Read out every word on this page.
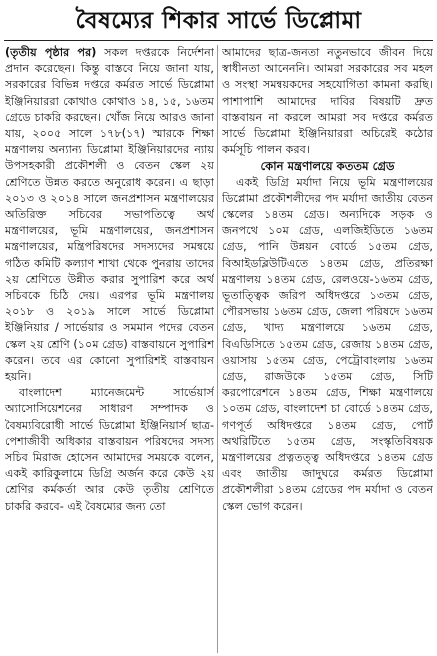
বৈষম্যের শিকার সার্ভে ডিপ্লোমা

(তৃতীয় পৃষ্ঠার পর) সকল দপ্তরকে নির্দেশনা প্রদান করেছেন। কিন্তু বাস্তবে নিয়ে জানা যায়, সরকারের বিভিন্ন দপ্তরে কর্মরত সার্ভে ডিপ্লোমা ইঞ্জিনিয়াররা কোথাও কোথাও ১৪, ১৫, ১৬তম গ্রেডে চাকরি করছেন। খোঁজ নিয়ে আরও জানা যায়, ২০০৫ সালে ১৭৮(১৭) স্মারকে শিক্ষা মন্ত্রণালয় অন্যান্য ডিপ্লোমা ইঞ্জিনিয়ারদের ন্যায় উপসহকারী প্রকৌশলী ও বেতন স্কেল ২য় শ্রেণিতে উন্নত করতে অনুরোধ করেন। এ ছাড়া ২০১৩ ও ২০১৪ সালে জনপ্রশাসন মন্ত্রণালয়ের অতিরিক্ত সচিবের সভাপতিত্বে অর্থ মন্ত্রণালয়ের, ভূমি মন্ত্রণালয়ের, জনপ্রশাসন মন্ত্রণালয়ের, মন্ত্রিপরিষদের সদস্যদের সমন্বয়ে গঠিত কমিটি কল্যাণ শাখা থেকে পুনরায় তাদের ২য় শ্রেণিতে উন্নীত করার সুপারিশ করে অর্থ সচিবকে চিঠি দেয়। এরপর ভূমি মন্ত্রণালয় ২০১৮ ও ২০১৯ সালে সার্ভে ডিপ্লোমা ইঞ্জিনিয়ার / সার্ভেয়ার ও সমমান পদের বেতন স্কেল ২য় শ্রেণি (১০ম গ্রেড) বাস্তবায়নে সুপারিশ করেন। তবে এর কোনো সুপারিশই বাস্তবায়ন হয়নি।

বাংলাদেশ ম্যানেজমেন্ট সার্ভেয়ার্স অ্যাসোসিয়েশনের সাধারণ সম্পাদক ও বৈষম্যবিরোধী সার্ভে ডিপ্লোমা ইঞ্জিনিয়ার্স ছাত্র-পেশাজীবী অধিকার বাস্তবায়ন পরিষদের সদস্য সচিব মিরাজ হোসেন আমাদের সময়কে বলেন, একই কারিকুলামে ডিগ্রি অর্জন করে কেউ ২য় শ্রেণির কর্মকর্তা আর কেউ তৃতীয় শ্রেণিতে চাকরি করবে- এই বৈষম্যের জন্য তো

আমাদের ছাত্র-জনতা নতুনভাবে জীবন দিয়ে স্বাধীনতা আনেননি। আমরা সরকারের সব মহল ও সংস্থা সমন্বয়কদের সহযোগিতা কামনা করছি। পাশাপাশি আমাদের দাবির বিষয়টি দ্রুত বাস্তবায়ন না করলে আমরা সব দপ্তরে কর্মরত সার্ভে ডিপ্লোমা ইঞ্জিনিয়াররা অচিরেই কঠোর কর্মসূচি পালন করব।

কোন মন্ত্রণালয়ে কততম গ্রেড

একই ডিগ্রি মর্যাদা নিয়ে ভূমি মন্ত্রণালয়ের ডিপ্লোমা প্রকৌশলীদের পদ মর্যাদা জাতীয় বেতন স্কেলের ১৪তম গ্রেড। অন্যদিকে সড়ক ও জনপথে ১০ম গ্রেড, এলজিইডিতে ১৬তম গ্রেড, পানি উন্নয়ন বোর্ডে ১৫তম গ্রেড, বিআইডব্লিউটিএতে ১৪তম গ্রেড, প্রতিরক্ষা মন্ত্রণালয় ১৪তম গ্রেড, রেলওয়ে-১৬তম গ্রেড, ভূতাত্ত্বিক জরিপ অধিদপ্তরে ১৩তম গ্রেড, পৌরসভায় ১৬তম গ্রেড, জেলা পরিষদে ১৬তম গ্রেড, খাদ্য মন্ত্রণালয়ে ১৬তম গ্রেড, বিএডিসিতে ১৫তম গ্রেড, রেজায় ১৪তম গ্রেড, ওয়াসায় ১৫তম গ্রেড, পেট্রোবাংলায় ১৬তম গ্রেড, রাজউকে ১৫তম গ্রেড, সিটি করপোরেশনে ১৪তম গ্রেড, শিক্ষা মন্ত্রণালয়ে ১০তম গ্রেড, বাংলাদেশ চা বোর্ডে ১৪তম গ্রেড, গণপূর্ত অধিদপ্তরে ১৪তম গ্রেড, পোর্ট অথরিটিতে ১৫তম গ্রেড, সংস্কৃতিবিষয়ক মন্ত্রণালয়ের প্রত্নতত্ত্ব অধিদপ্তরে ১৪তম গ্রেড এবং জাতীয় জাদুঘরে কর্মরত ডিপ্লোমা প্রকৌশলীরা ১৪তম গ্রেডের পদ মর্যাদা ও বেতন স্কেল ভোগ করেন।
